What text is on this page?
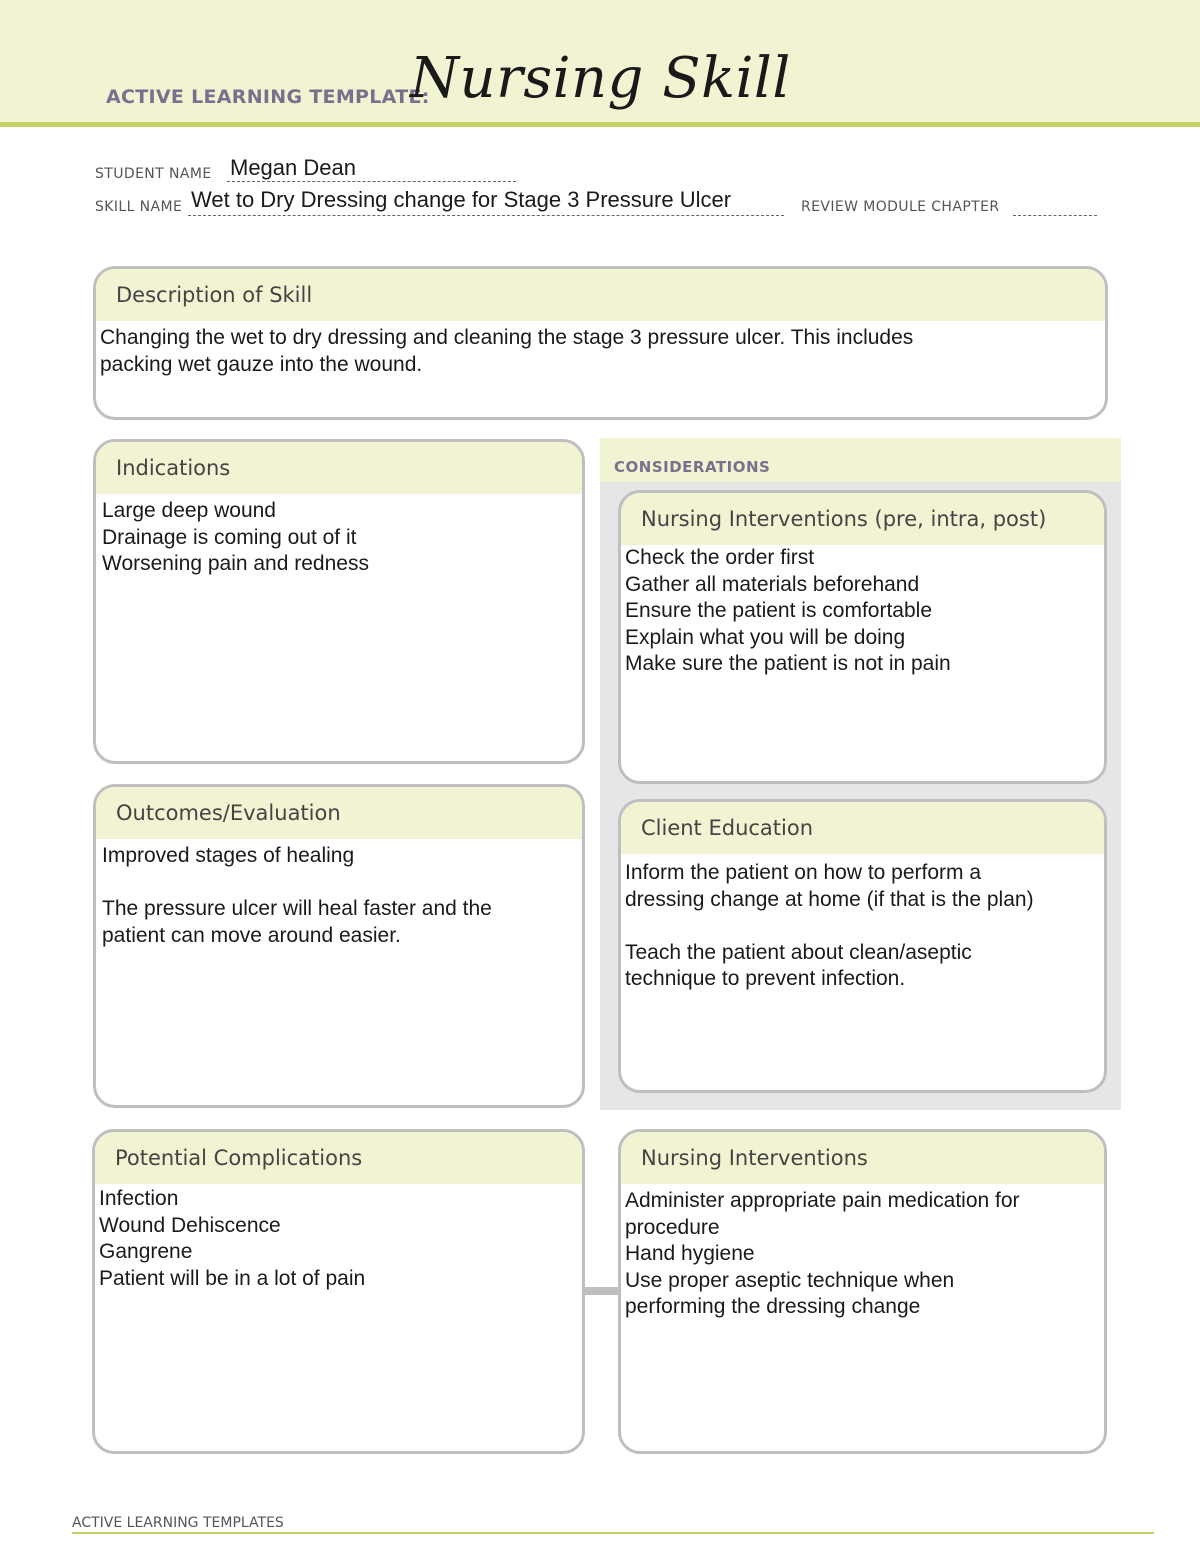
ACTIVE LEARNING TEMPLATE:
Nursing Skill
STUDENT NAME Megan Dean
SKILL NAME Wet to Dry Dressing change for Stage 3 Pressure Ulcer	REVIEW MODULE CHAPTER
Description of Skill

Changing the wet to dry dressing and cleaning the stage 3 pressure ulcer. This includes

packing wet gauze into the wound.

CONSIDERATIONS
Indications

Large deep wound

Drainage is coming out of it

Worsening pain and redness

Nursing Interventions (pre, intra, post)

Check the order first

Gather all materials beforehand

Ensure the patient is comfortable

Explain what you will be doing

Make sure the patient is not in pain

Outcomes/Evaluation

Improved stages of healing

The pressure ulcer will heal faster and the

patient can move around easier.

Client Education

Inform the patient on how to perform a

dressing change at home (if that is the plan)

Teach the patient about clean/aseptic

technique to prevent infection.

Potential Complications

Infection

Wound Dehiscence

Gangrene

Patient will be in a lot of pain

Nursing Interventions

Administer appropriate pain medication for

procedure

Hand hygiene

Use proper aseptic technique when

performing the dressing change

ACTIVE LEARNING TEMPLATES
